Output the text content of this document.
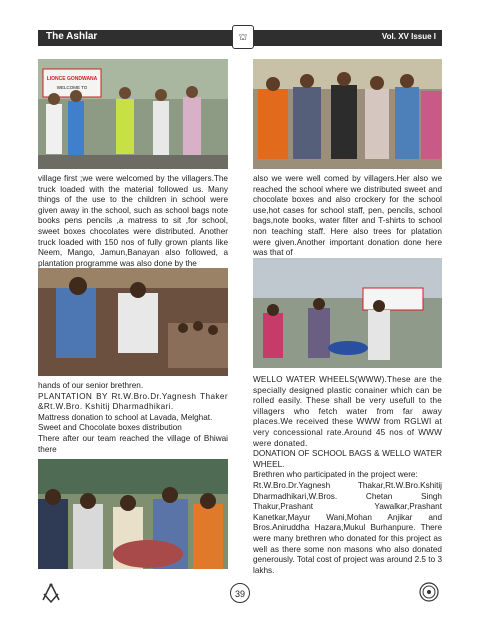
The Ashlar	⛫	Vol. XV Issue I
LIONCE GONDWANA
WELCOME TO

village first ;we were welcomed by the villagers.The truck loaded with the material followed us. Many things of the use to the children in school were given away in the school, such as school bags note books pens pencils ,a matress to sit ,for school, sweet boxes chocolates were distributed. Another truck loaded with 150 nos of fully grown plants like Neem, Mango, Jamun,Banayan also followed, a plantation programme was also done by the

also we were well comed by villagers.Her also we reached the school where we distributed sweet and chocolate boxes and also crockery for the school use,hot cases for school staff, pen, pencils, school bags,note books, water filter and T-shirts to school non teaching staff. Here also trees for platation were given.Another important donation done here was that of

hands of our senior brethren.

PLANTATION BY Rt.W.Bro.Dr.Yagnesh Thaker &Rt.W.Bro. Kshitij Dharmadhikari.

Mattress donation to school at Lavada, Melghat.

Sweet and Chocolate boxes distribution

There after our team reached the village of Bhiwai there

WELLO WATER WHEELS(WWW).These are the specially designed plastic conainer which can be rolled easily. These shall be very usefull to the villagers who fetch water from far away places.We received these WWW from RGLWI at very concessional rate.Around 45 nos of WWW were donated.

DONATION OF SCHOOL BAGS & WELLO WATER WHEEL.

Brethren who participated in the project were:

Rt.W.Bro.Dr.Yagnesh Thakar,Rt.W.Bro.Kshitij Dharmadhikari,W.Bros. Chetan Singh Thakur,Prashant Yawalkar,Prashant Kanetkar,Mayur Wani,Mohan Anjikar and Bros.Aniruddha Hazara,Mukul Burhanpure. There were many brethren who donated for this project as well as there some non masons who also donated generously. Total cost of project was around 2.5 to 3 lakhs.

39
